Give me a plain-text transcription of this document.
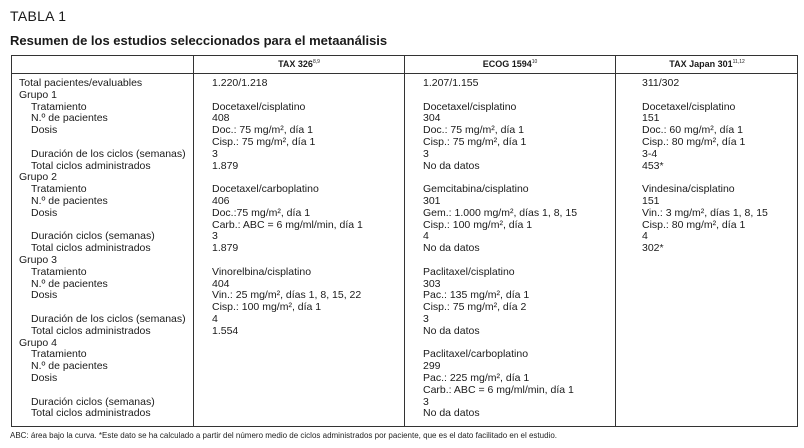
TABLA 1
Resumen de los estudios seleccionados para el metaanálisis
TAX 326$^{8,9}$	ECOG 1594$^{10}$	TAX Japan 301$^{11,12}$
Total pacientes/evaluables
Grupo 1
Tratamiento
N.º de pacientes
Dosis
Duración de los ciclos (semanas)
Total ciclos administrados
Grupo 2
Tratamiento
N.º de pacientes
Dosis
Duración ciclos (semanas)
Total ciclos administrados
Grupo 3
Tratamiento
N.º de pacientes
Dosis
Duración de los ciclos (semanas)
Total ciclos administrados
Grupo 4
Tratamiento
N.º de pacientes
Dosis
Duración ciclos (semanas)
Total ciclos administrados
1.220/1.218
Docetaxel/cisplatino
408
Doc.: 75 mg/m², día 1
Cisp.: 75 mg/m², día 1
3
1.879
Docetaxel/carboplatino
406
Doc.:75 mg/m², día 1
Carb.: ABC = 6 mg/ml/min, día 1
3
1.879
Vinorelbina/cisplatino
404
Vin.: 25 mg/m², días 1, 8, 15, 22
Cisp.: 100 mg/m², día 1
4
1.554
1.207/1.155
Docetaxel/cisplatino
304
Doc.: 75 mg/m², día 1
Cisp.: 75 mg/m², día 1
3
No da datos
Gemcitabina/cisplatino
301
Gem.: 1.000 mg/m², días 1, 8, 15
Cisp.: 100 mg/m², día 1
4
No da datos
Paclitaxel/cisplatino
303
Pac.: 135 mg/m², día 1
Cisp.: 75 mg/m², día 2
3
No da datos
Paclitaxel/carboplatino
299
Pac.: 225 mg/m², día 1
Carb.: ABC = 6 mg/ml/min, día 1
3
No da datos
311/302
Docetaxel/cisplatino
151
Doc.: 60 mg/m², día 1
Cisp.: 80 mg/m², día 1
3-4
453*
Vindesina/cisplatino
151
Vin.: 3 mg/m², días 1, 8, 15
Cisp.: 80 mg/m², día 1
4
302*
ABC: área bajo la curva. *Este dato se ha calculado a partir del número medio de ciclos administrados por paciente, que es el dato facilitado en el estudio.
